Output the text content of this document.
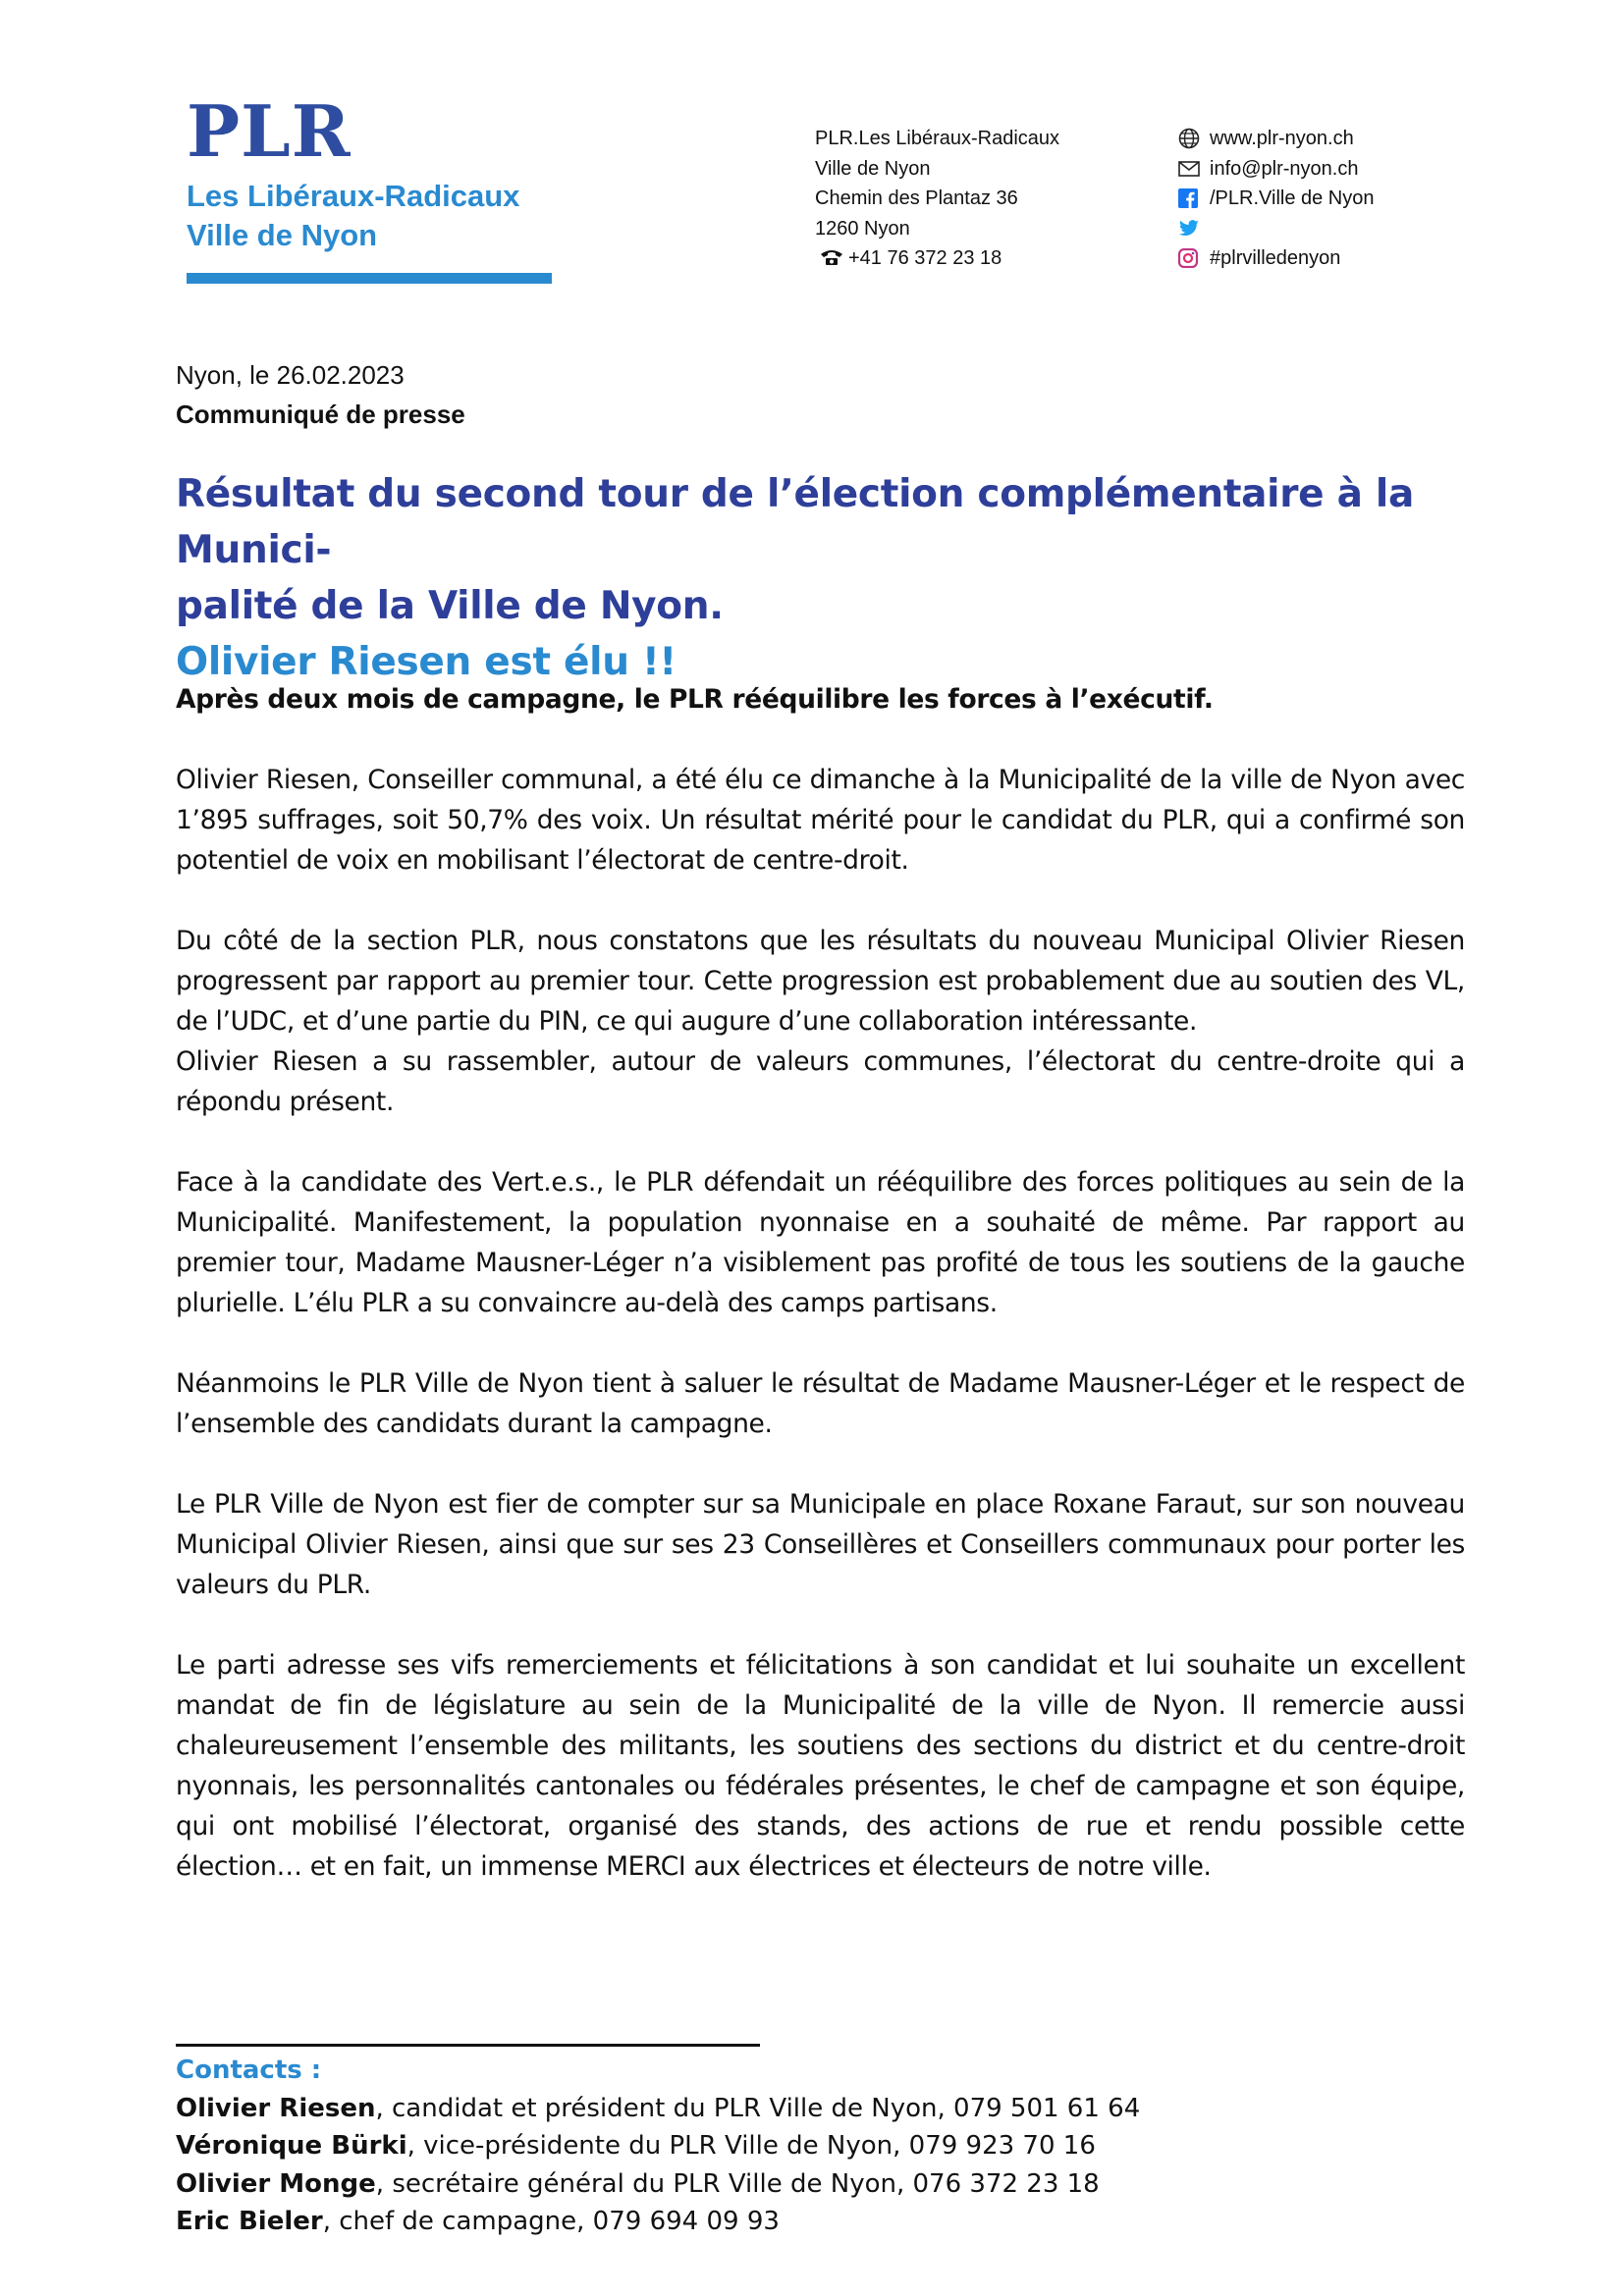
PLR
Les Libéraux-Radicaux
Ville de Nyon
PLR.Les Libéraux-Radicaux
Ville de Nyon
Chemin des Plantaz 36
1260 Nyon
+41 76 372 23 18
www.plr-nyon.ch
info@plr-nyon.ch
/PLR.Ville de Nyon
#plrvilledenyon
Nyon, le 26.02.2023
Communiqué de presse
Résultat du second tour de l’élection complémentaire à la Munici-
palité de la Ville de Nyon.
Olivier Riesen est élu !!

Après deux mois de campagne, le PLR rééquilibre les forces à l’exécutif.

Olivier Riesen, Conseiller communal, a été élu ce dimanche à la Municipalité de la ville de Nyon avec 1’895 suffrages, soit 50,7% des voix. Un résultat mérité pour le candidat du PLR, qui a confirmé son potentiel de voix en mobilisant l’électorat de centre-droit.

Du côté de la section PLR, nous constatons que les résultats du nouveau Municipal Olivier Riesen progressent par rapport au premier tour. Cette progression est probablement due au soutien des VL, de l’UDC, et d’une partie du PIN, ce qui augure d’une collaboration intéressante.

Olivier Riesen a su rassembler, autour de valeurs communes, l’électorat du centre-droite qui a répondu présent.

Face à la candidate des Vert.e.s., le PLR défendait un rééquilibre des forces politiques au sein de la Municipalité. Manifestement, la population nyonnaise en a souhaité de même. Par rapport au premier tour, Madame Mausner-Léger n’a visiblement pas profité de tous les soutiens de la gauche plurielle. L’élu PLR a su convaincre au-delà des camps partisans.

Néanmoins le PLR Ville de Nyon tient à saluer le résultat de Madame Mausner-Léger et le respect de l’ensemble des candidats durant la campagne.

Le PLR Ville de Nyon est fier de compter sur sa Municipale en place Roxane Faraut, sur son nouveau Municipal Olivier Riesen, ainsi que sur ses 23 Conseillères et Conseillers communaux pour porter les valeurs du PLR.

Le parti adresse ses vifs remerciements et félicitations à son candidat et lui souhaite un excellent mandat de fin de législature au sein de la Municipalité de la ville de Nyon. Il remercie aussi chaleureusement l’ensemble des militants, les soutiens des sections du district et du centre-droit nyonnais, les personnalités cantonales ou fédérales présentes, le chef de campagne et son équipe, qui ont mobilisé l’électorat, organisé des stands, des actions de rue et rendu possible cette élection… et en fait, un immense MERCI aux électrices et électeurs de notre ville.

Contacts :
Olivier Riesen, candidat et président du PLR Ville de Nyon, 079 501 61 64
Véronique Bürki, vice-présidente du PLR Ville de Nyon, 079 923 70 16
Olivier Monge, secrétaire général du PLR Ville de Nyon, 076 372 23 18
Eric Bieler, chef de campagne, 079 694 09 93
